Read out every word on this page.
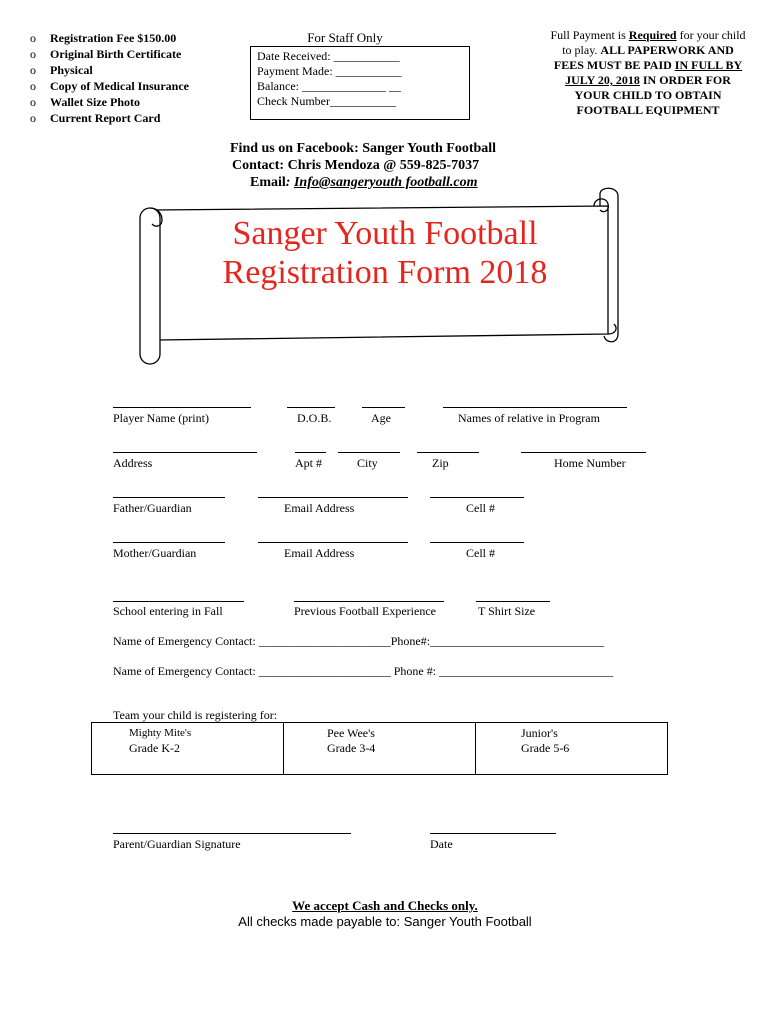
o Registration Fee $150.00
o Original Birth Certificate
o Physical
o Copy of Medical Insurance
o Wallet Size Photo
o Current Report Card
For Staff Only
Date Received: ___________
Payment Made: ___________
Balance: ______________ __
Check Number___________
Full Payment is Required for your child to play. ALL PAPERWORK AND FEES MUST BE PAID IN FULL BY JULY 20, 2018 IN ORDER FOR YOUR CHILD TO OBTAIN FOOTBALL EQUIPMENT
Find us on Facebook: Sanger Youth Football
Contact: Chris Mendoza @ 559-825-7037
Email: Info@sangeryouth football.com
Sanger Youth Football
Registration Form 2018
Player Name (print)	D.O.B.	Age	Names of relative in Program
Address	Apt #	City	Zip	Home Number
Father/Guardian	Email Address	Cell #
Mother/Guardian	Email Address	Cell #
School entering in Fall	Previous Football Experience	T Shirt Size
Name of Emergency Contact: ______________________Phone#:_____________________________
Name of Emergency Contact: ______________________ Phone #: _____________________________
Team your child is registering for:
Mighty Mite's
Grade K-2
Pee Wee's
Grade 3-4
Junior's
Grade 5-6
Parent/Guardian Signature	Date
We accept Cash and Checks only.
All checks made payable to: Sanger Youth Football
